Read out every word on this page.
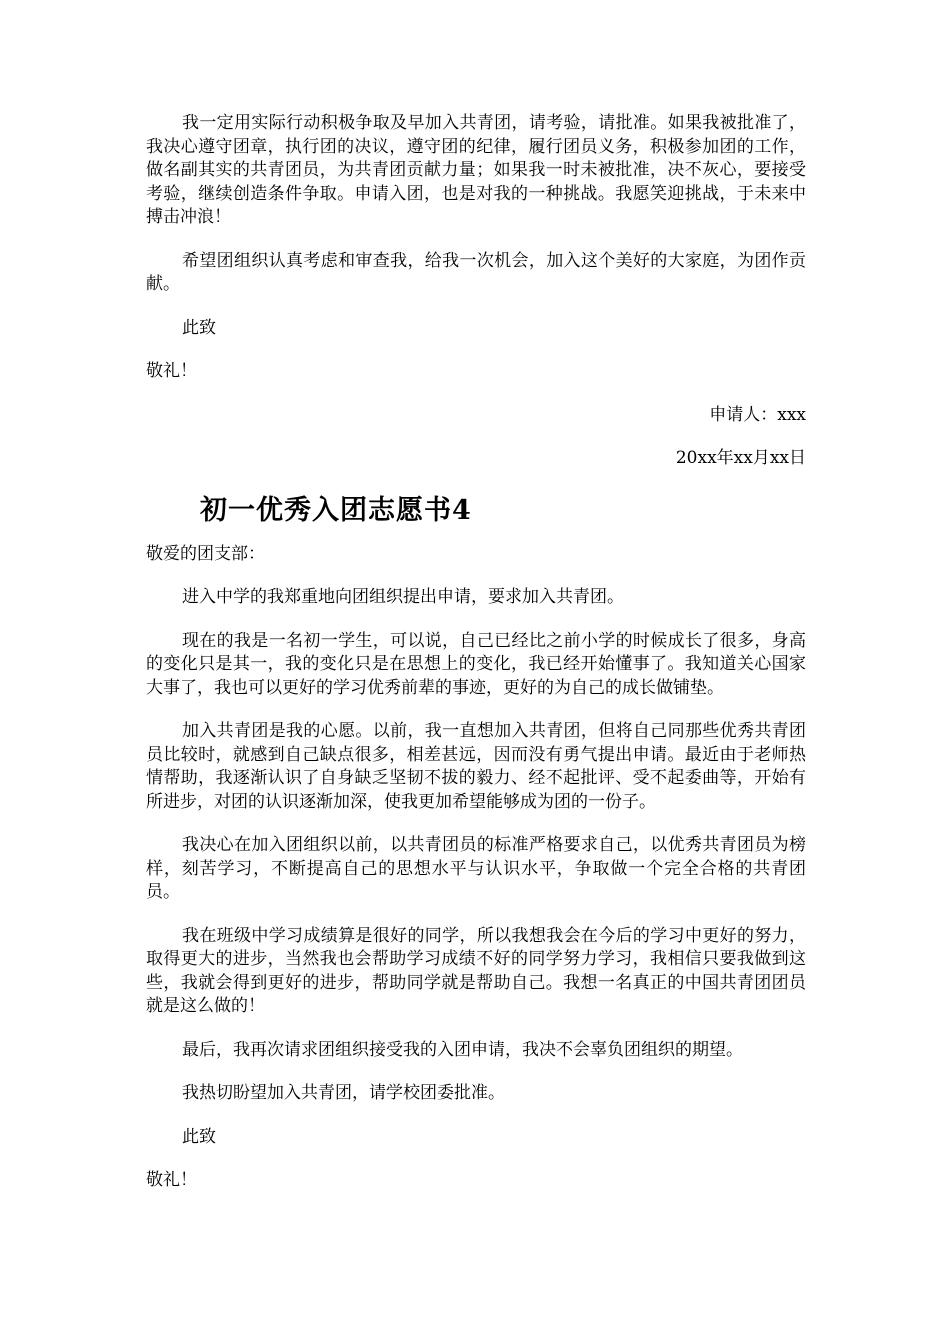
我一定用实际行动积极争取及早加入共青团，请考验，请批准。如果我被批准了，我决心遵守团章，执行团的决议，遵守团的纪律，履行团员义务，积极参加团的工作，做名副其实的共青团员，为共青团贡献力量；如果我一时未被批准，决不灰心，要接受考验，继续创造条件争取。申请入团，也是对我的一种挑战。我愿笑迎挑战，于未来中搏击冲浪！

希望团组织认真考虑和审查我，给我一次机会，加入这个美好的大家庭，为团作贡献。

此致

敬礼！

申请人：xxx

20xx年xx月xx日

初一优秀入团志愿书4

敬爱的团支部：

进入中学的我郑重地向团组织提出申请，要求加入共青团。

现在的我是一名初一学生，可以说，自己已经比之前小学的时候成长了很多，身高的变化只是其一，我的变化只是在思想上的变化，我已经开始懂事了。我知道关心国家大事了，我也可以更好的学习优秀前辈的事迹，更好的为自己的成长做铺垫。

加入共青团是我的心愿。以前，我一直想加入共青团，但将自己同那些优秀共青团员比较时，就感到自己缺点很多，相差甚远，因而没有勇气提出申请。最近由于老师热情帮助，我逐渐认识了自身缺乏坚韧不拔的毅力、经不起批评、受不起委曲等，开始有所进步，对团的认识逐渐加深，使我更加希望能够成为团的一份子。

我决心在加入团组织以前，以共青团员的标准严格要求自己，以优秀共青团员为榜样，刻苦学习，不断提高自己的思想水平与认识水平，争取做一个完全合格的共青团员。

我在班级中学习成绩算是很好的同学，所以我想我会在今后的学习中更好的努力，取得更大的进步，当然我也会帮助学习成绩不好的同学努力学习，我相信只要我做到这些，我就会得到更好的进步，帮助同学就是帮助自己。我想一名真正的中国共青团团员就是这么做的！

最后，我再次请求团组织接受我的入团申请，我决不会辜负团组织的期望。

我热切盼望加入共青团，请学校团委批准。

此致

敬礼！
